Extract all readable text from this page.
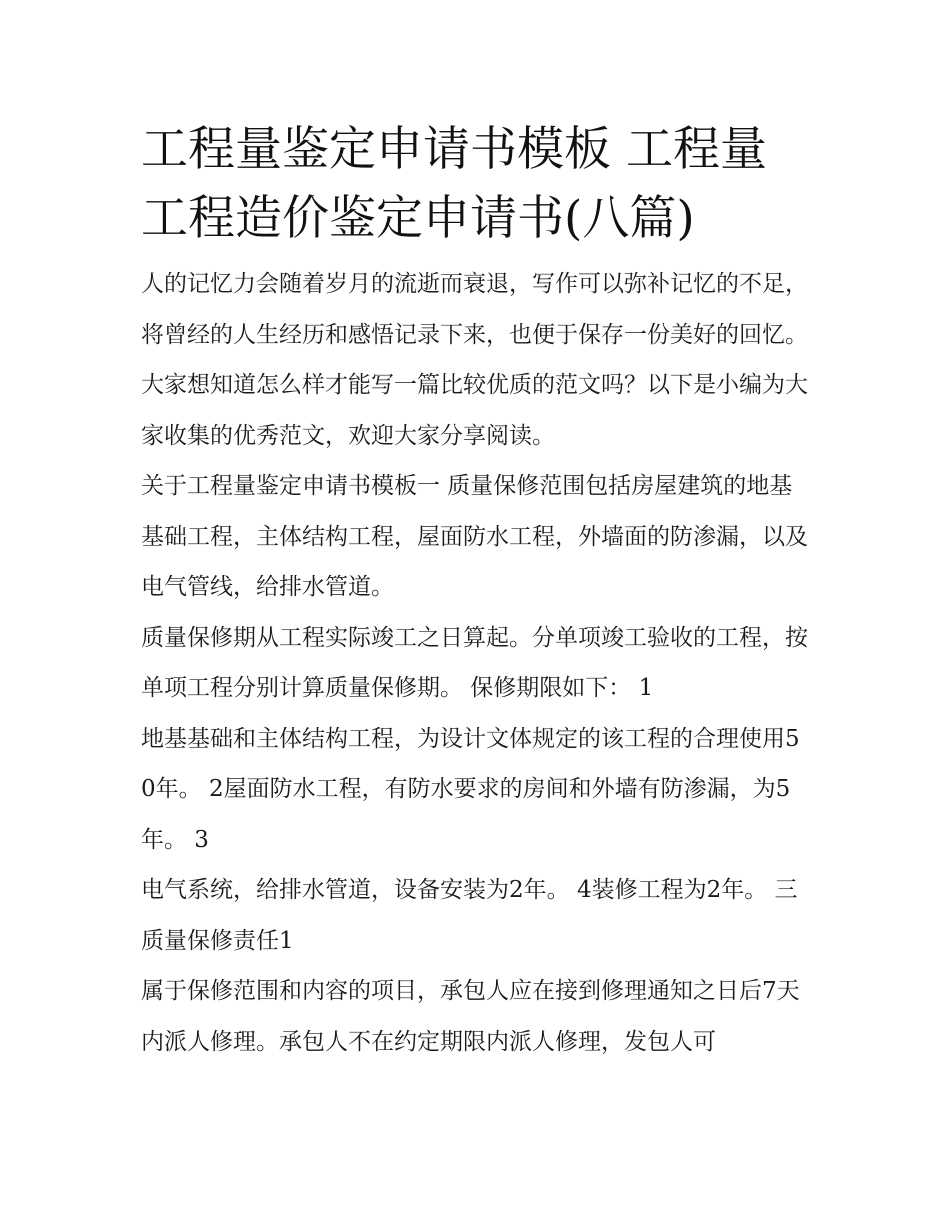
工程量鉴定申请书模板 工程量工程造价鉴定申请书(八篇)

人的记忆力会随着岁月的流逝而衰退，写作可以弥补记忆的不足，将曾经的人生经历和感悟记录下来，也便于保存一份美好的回忆。大家想知道怎么样才能写一篇比较优质的范文吗？以下是小编为大家收集的优秀范文，欢迎大家分享阅读。

关于工程量鉴定申请书模板一 质量保修范围包括房屋建筑的地基基础工程，主体结构工程，屋面防水工程，外墙面的防渗漏，以及电气管线，给排水管道。

质量保修期从工程实际竣工之日算起。分单项竣工验收的工程，按单项工程分别计算质量保修期。 保修期限如下： 1

地基基础和主体结构工程，为设计文体规定的该工程的合理使用50年。 2屋面防水工程，有防水要求的房间和外墙有防渗漏，为5年。 3

电气系统，给排水管道，设备安装为2年。 4装修工程为2年。 三质量保修责任1

属于保修范围和内容的项目，承包人应在接到修理通知之日后7天内派人修理。承包人不在约定期限内派人修理，发包人可
